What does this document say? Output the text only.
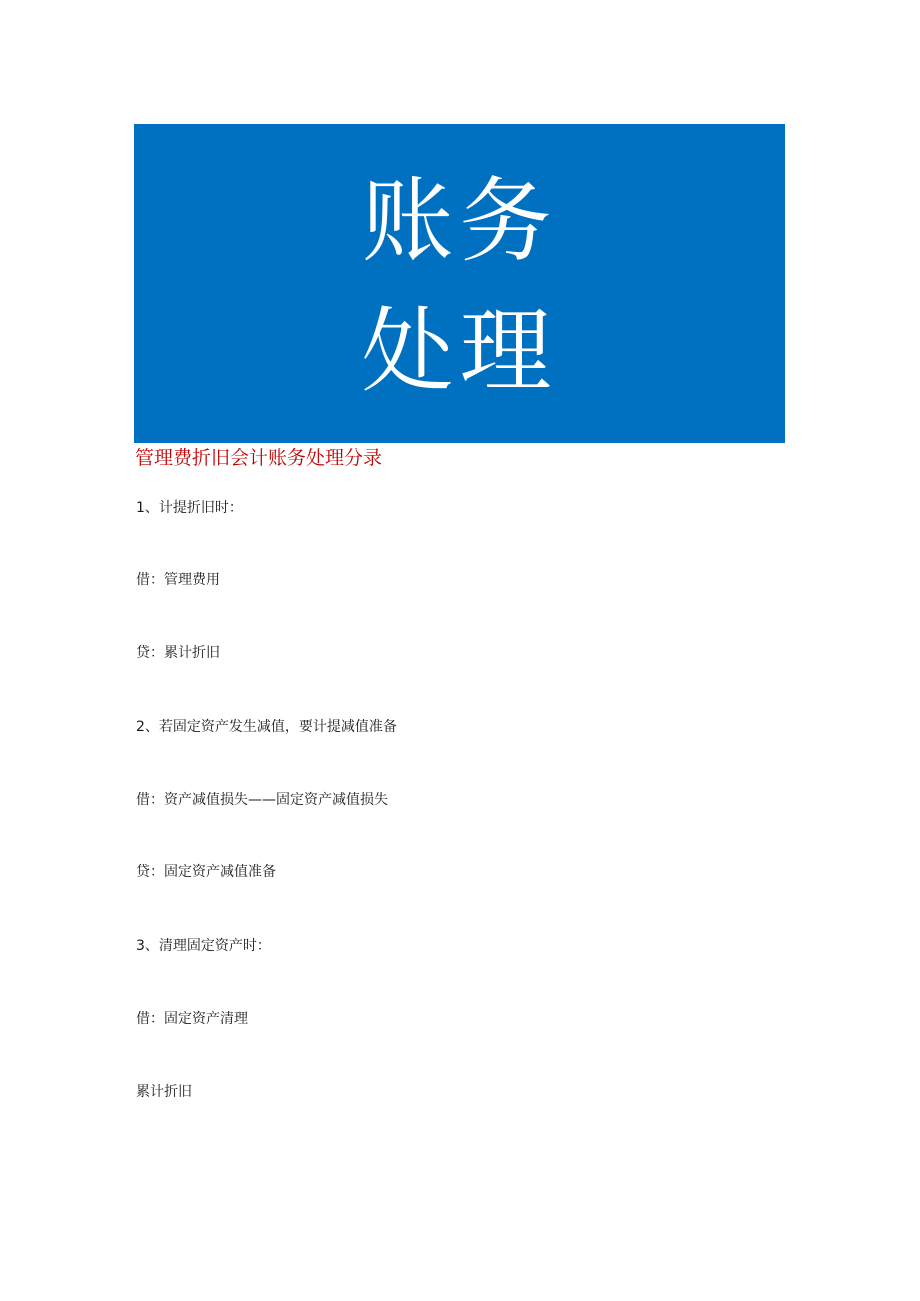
账务
处理
管理费折旧会计账务处理分录
1、计提折旧时：
借：管理费用
贷：累计折旧
2、若固定资产发生减值，要计提减值准备
借：资产减值损失——固定资产减值损失
贷：固定资产减值准备
3、清理固定资产时：
借：固定资产清理
累计折旧
